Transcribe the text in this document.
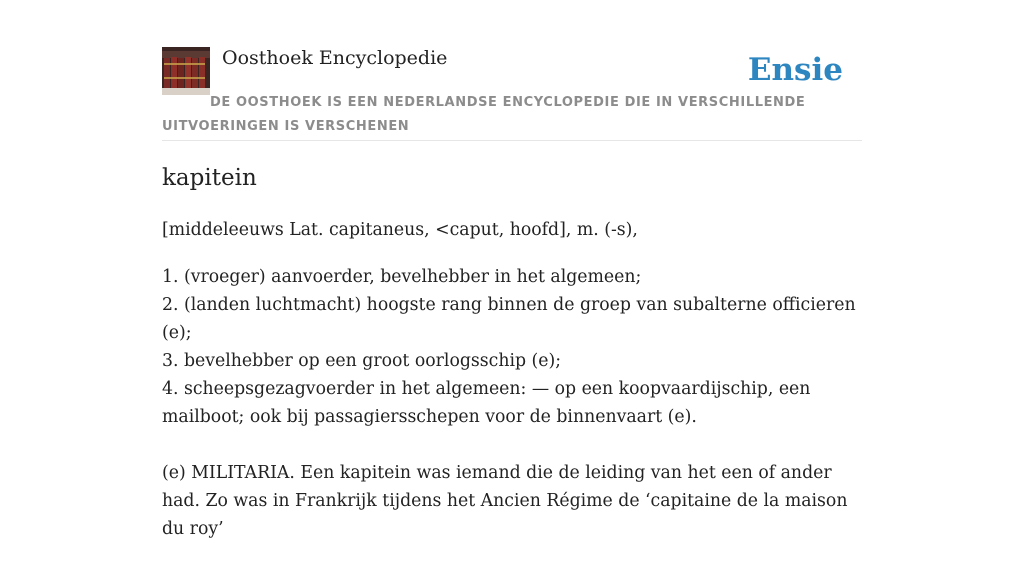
Oosthoek Encyclopedie	Ensie
DE OOSTHOEK IS EEN NEDERLANDSE ENCYCLOPEDIE DIE IN VERSCHILLENDE UITVOERINGEN IS VERSCHENEN
kapitein

[middeleeuws Lat. capitaneus, <caput, hoofd], m. (-s),

1. (vroeger) aanvoerder, bevelhebber in het algemeen;
2. (landen luchtmacht) hoogste rang binnen de groep van subalterne officieren (e);
3. bevelhebber op een groot oorlogsschip (e);
4. scheepsgezagvoerder in het algemeen: — op een koopvaardijschip, een mailboot; ook bij passagiersschepen voor de binnenvaart (e).

(e) MILITARIA. Een kapitein was iemand die de leiding van het een of ander had. Zo was in Frankrijk tijdens het Ancien Régime de ‘capitaine de la maison du roy’
